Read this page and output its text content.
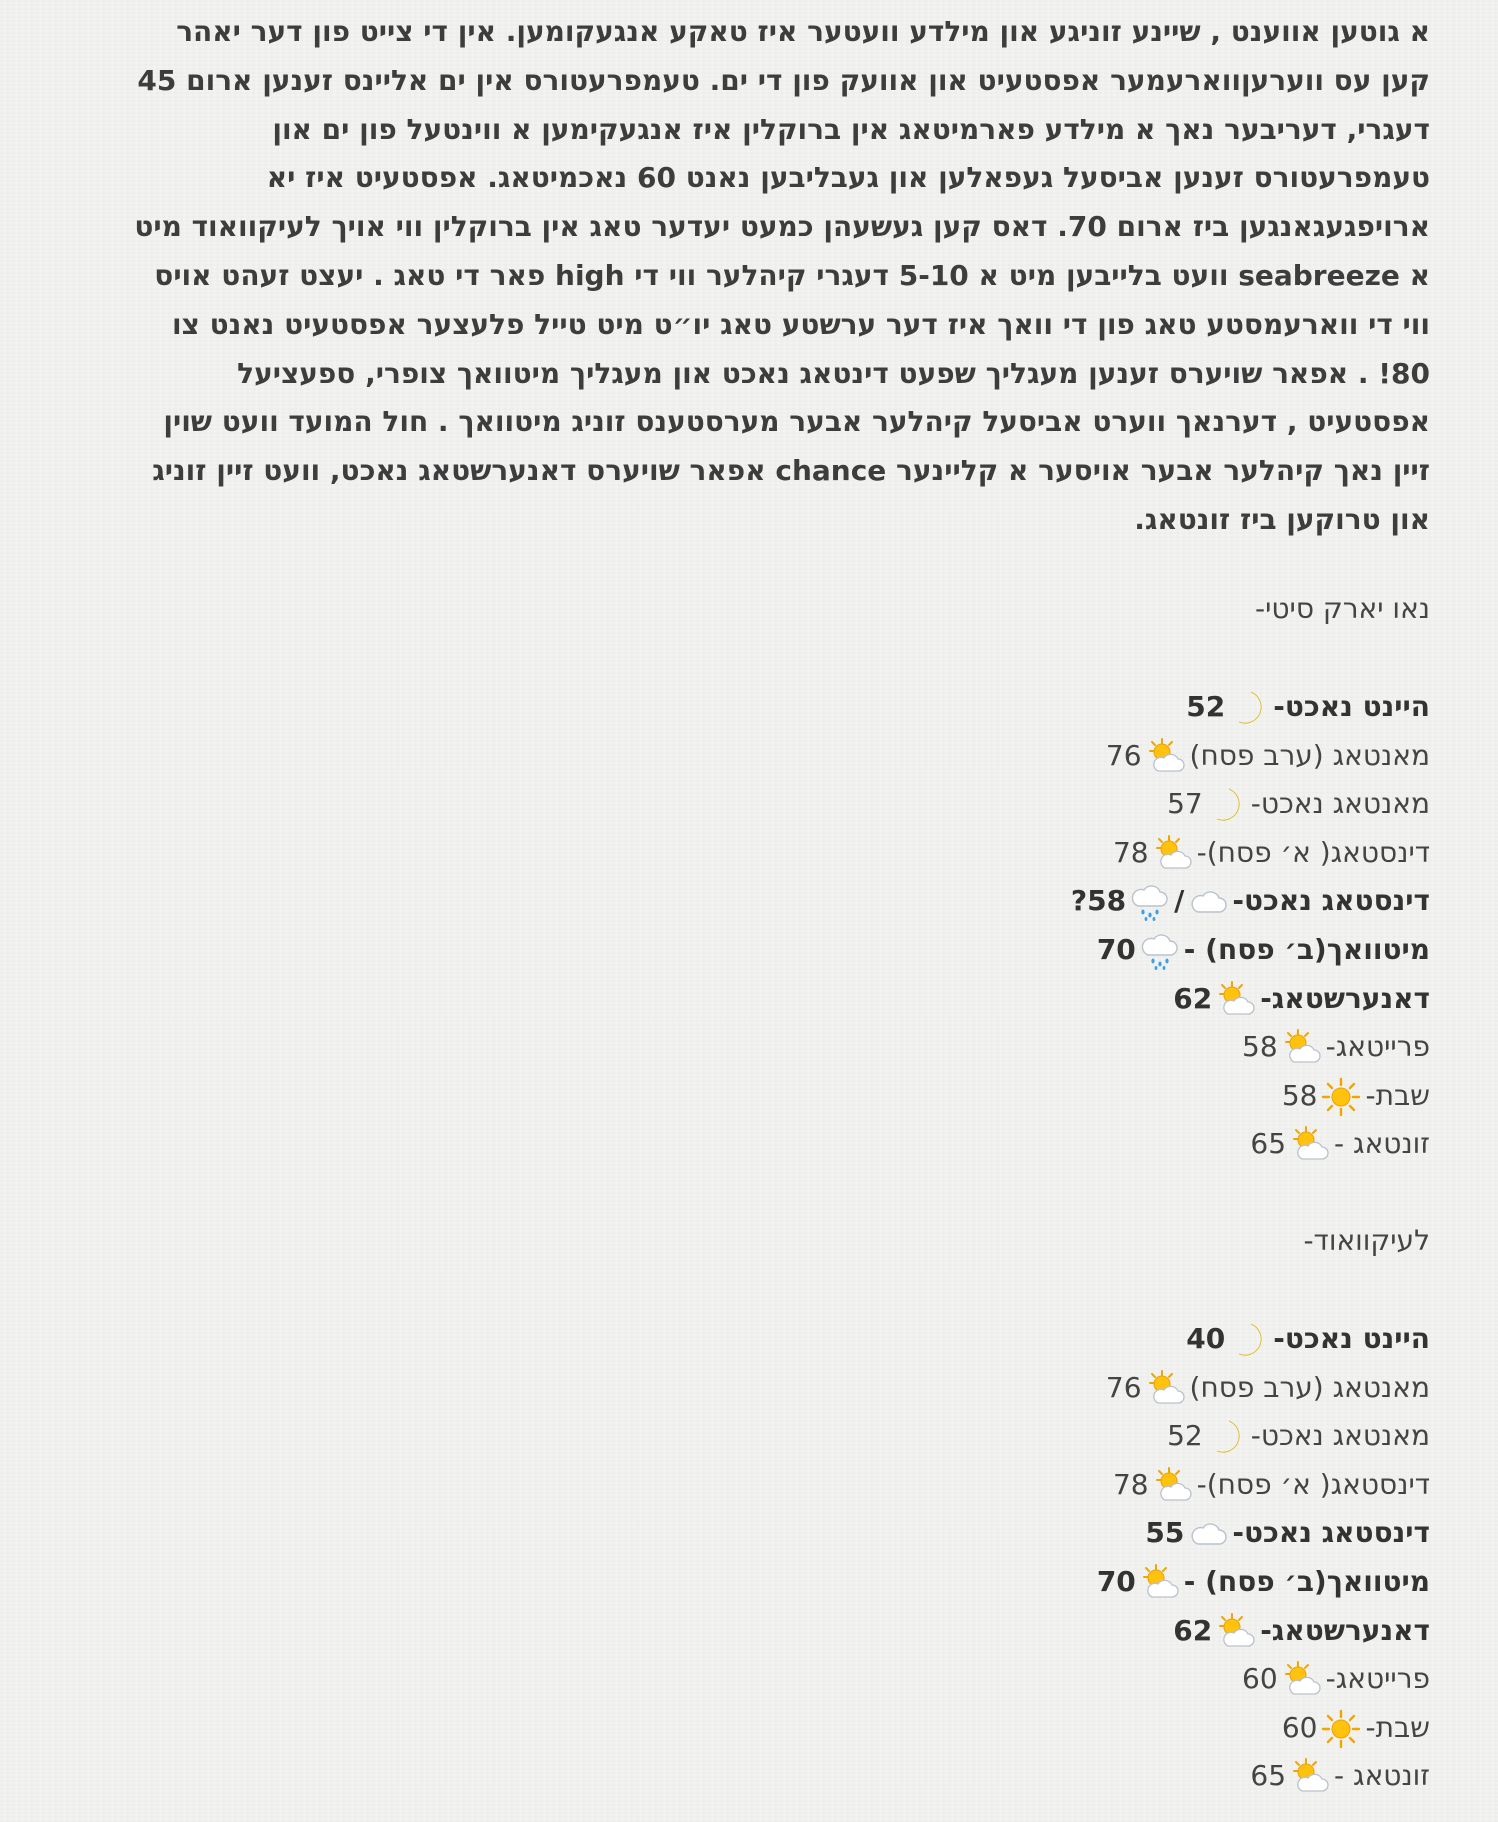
א גוטען אווענט , שיינע זוניגע און מילדע וועטער איז טאקע אנגעקומען. אין די צייט פון דער יאהר
קען עס ווערעןווארעמער אפסטעיט און אוועק פון די ים. טעמפרעטורס אין ים אליינס זענען ארום 45
דעגרי, דעריבער נאך א מילדע פארמיטאג אין ברוקלין איז אנגעקימען א ווינטעל פון ים און
טעמפרעטורס זענען אביסעל געפאלען און געבליבען נאנט 60 נאכמיטאג. אפסטעיט איז יא
ארויפגעגאנגען ביז ארום 70. דאס קען געשעהן כמעט יעדער טאג אין ברוקלין ווי אויך לעיקוואוד מיט
א seabreeze וועט בלייבען מיט א 5-10 דעגרי קיהלער ווי די high פאר די טאג . יעצט זעהט אויס
ווי די ווארעמסטע טאג פון די וואך איז דער ערשטע טאג יו״ט מיט טייל פלעצער אפסטעיט נאנט צו
80! . אפאר שויערס זענען מעגליך שפעט דינטאג נאכט און מעגליך מיטוואך צופרי, ספעציעל
אפסטעיט , דערנאך ווערט אביסעל קיהלער אבער מערסטענס זוניג מיטוואך . חול המועד וועט שוין
זיין נאך קיהלער אבער אויסער א קליינער chance אפאר שויערס דאנערשטאג נאכט, וועט זיין זוניג
און טרוקען ביז זונטאג.
נאו יארק סיטי-
היינט נאכט-52
מאנטאג (ערב פסח)76
מאנטאג נאכט-57
דינסטאג( א׳ פסח)-78
דינסטאג נאכט-/58?
מיטוואך(ב׳ פסח) -70
דאנערשטאג-62
פרייטאג-58
שבת-58
זונטאג -65
לעיקוואוד-
היינט נאכט-40
מאנטאג (ערב פסח)76
מאנטאג נאכט-52
דינסטאג( א׳ פסח)-78
דינסטאג נאכט-55
מיטוואך(ב׳ פסח) -70
דאנערשטאג-62
פרייטאג-60
שבת-60
זונטאג -65
